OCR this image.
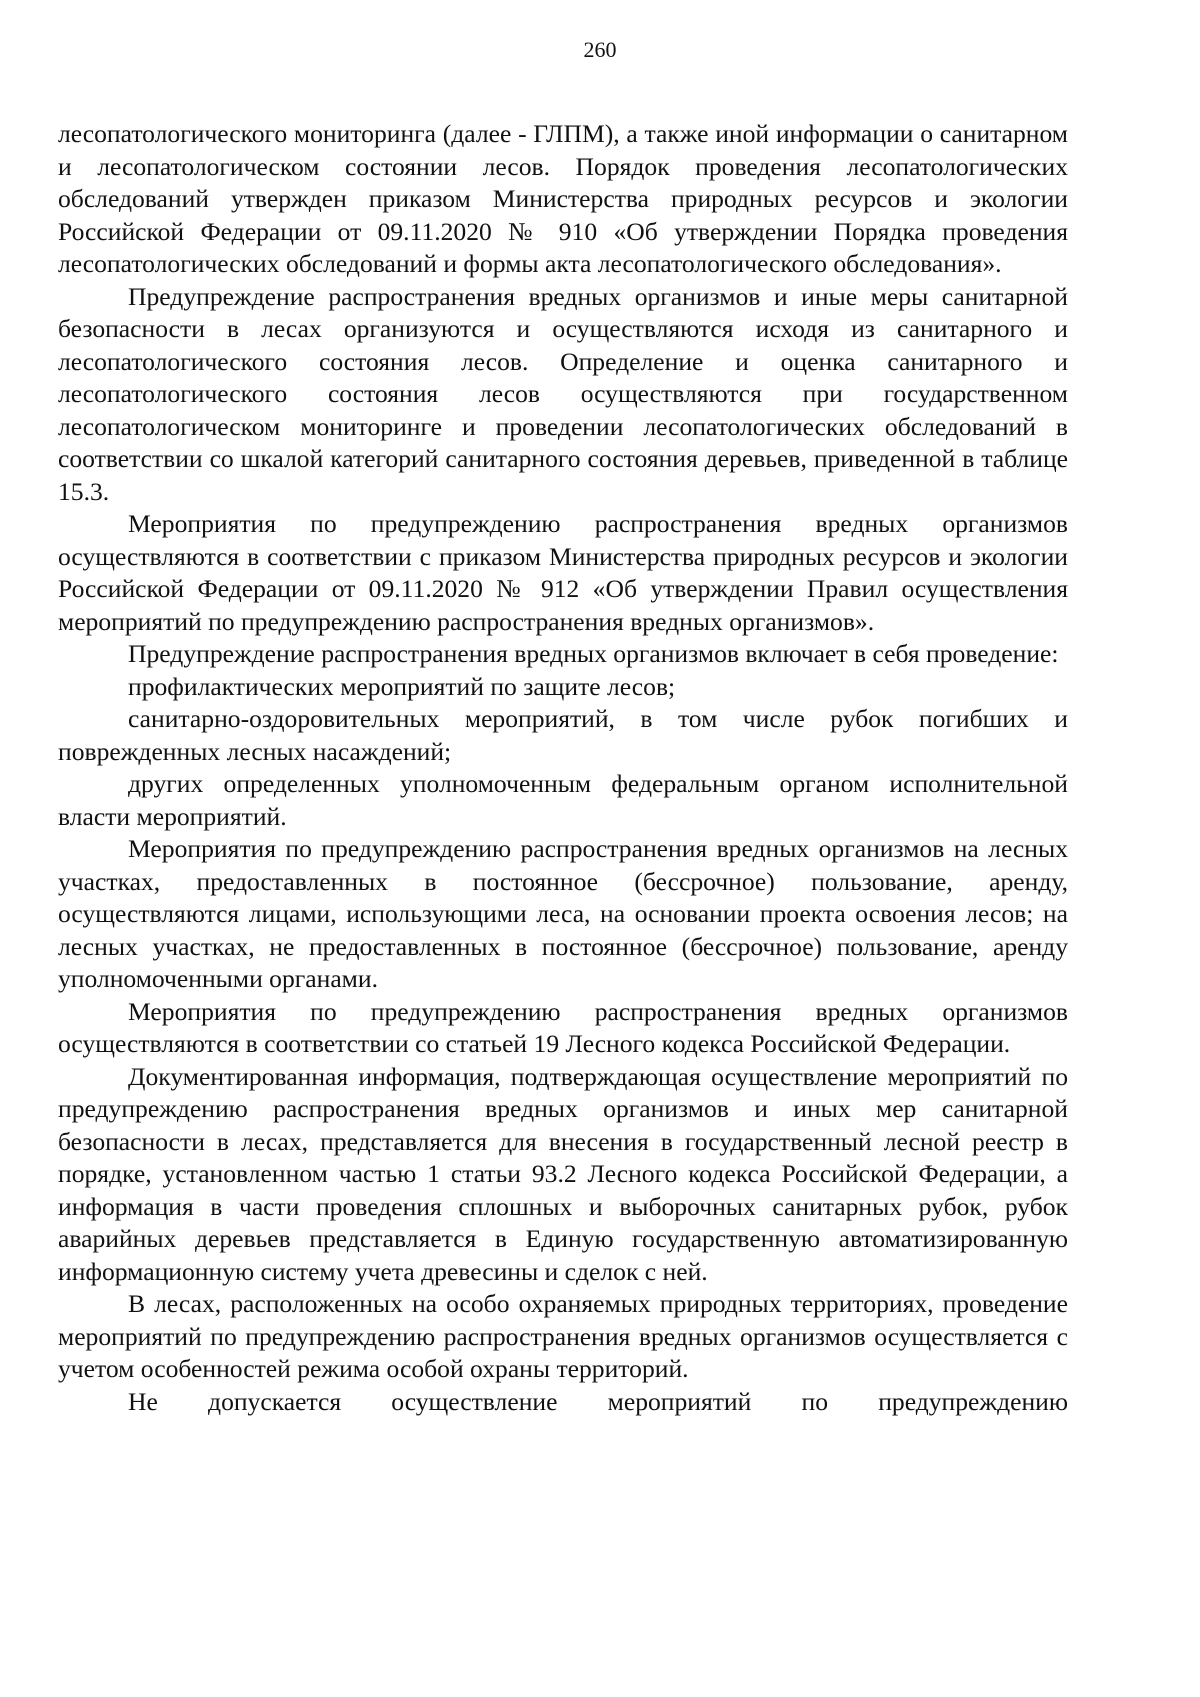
260

лесопатологического мониторинга (далее - ГЛПМ), а также иной информации о санитарном и лесопатологическом состоянии лесов. Порядок проведения лесопатологических обследований утвержден приказом Министерства природных ресурсов и экологии Российской Федерации от 09.11.2020 № 910 «Об утверждении Порядка проведения лесопатологических обследований и формы акта лесопатологического обследования».

Предупреждение распространения вредных организмов и иные меры санитарной безопасности в лесах организуются и осуществляются исходя из санитарного и лесопатологического состояния лесов. Определение и оценка санитарного и лесопатологического состояния лесов осуществляются при государственном лесопатологическом мониторинге и проведении лесопатологических обследований в соответствии со шкалой категорий санитарного состояния деревьев, приведенной в таблице 15.3.

Мероприятия по предупреждению распространения вредных организмов осуществляются в соответствии с приказом Министерства природных ресурсов и экологии Российской Федерации от 09.11.2020 № 912 «Об утверждении Правил осуществления мероприятий по предупреждению распространения вредных организмов».

Предупреждение распространения вредных организмов включает в себя проведение:

профилактических мероприятий по защите лесов;

санитарно-оздоровительных мероприятий, в том числе рубок погибших и поврежденных лесных насаждений;

других определенных уполномоченным федеральным органом исполнительной власти мероприятий.

Мероприятия по предупреждению распространения вредных организмов на лесных участках, предоставленных в постоянное (бессрочное) пользование, аренду, осуществляются лицами, использующими леса, на основании проекта освоения лесов; на лесных участках, не предоставленных в постоянное (бессрочное) пользование, аренду уполномоченными органами.

Мероприятия по предупреждению распространения вредных организмов осуществляются в соответствии со статьей 19 Лесного кодекса Российской Федерации.

Документированная информация, подтверждающая осуществление мероприятий по предупреждению распространения вредных организмов и иных мер санитарной безопасности в лесах, представляется для внесения в государственный лесной реестр в порядке, установленном частью 1 статьи 93.2 Лесного кодекса Российской Федерации, а информация в части проведения сплошных и выборочных санитарных рубок, рубок аварийных деревьев представляется в Единую государственную автоматизированную информационную систему учета древесины и сделок с ней.

В лесах, расположенных на особо охраняемых природных территориях, проведение мероприятий по предупреждению распространения вредных организмов осуществляется с учетом особенностей режима особой охраны территорий.

Не допускается осуществление мероприятий по предупреждению
